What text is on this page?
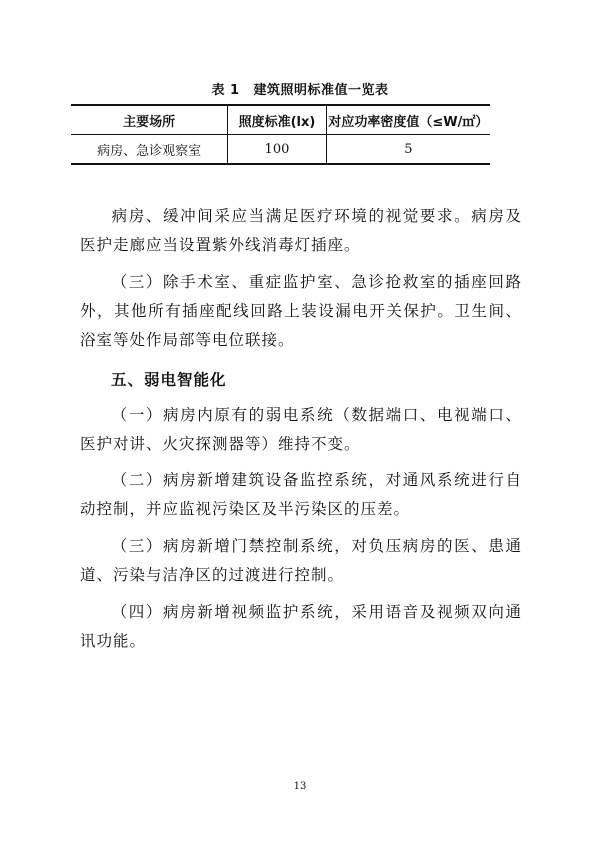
表 1 建筑照明标准值一览表
主要场所	照度标准(lx)	对应功率密度值（≤W/㎡）
病房、急诊观察室	100	5

病房、缓冲间采应当满足医疗环境的视觉要求。病房及医护走廊应当设置紫外线消毒灯插座。

（三）除手术室、重症监护室、急诊抢救室的插座回路外，其他所有插座配线回路上装设漏电开关保护。卫生间、浴室等处作局部等电位联接。

五、弱电智能化

（一）病房内原有的弱电系统（数据端口、电视端口、医护对讲、火灾探测器等）维持不变。

（二）病房新增建筑设备监控系统，对通风系统进行自动控制，并应监视污染区及半污染区的压差。

（三）病房新增门禁控制系统，对负压病房的医、患通道、污染与洁净区的过渡进行控制。

（四）病房新增视频监护系统，采用语音及视频双向通讯功能。

13
